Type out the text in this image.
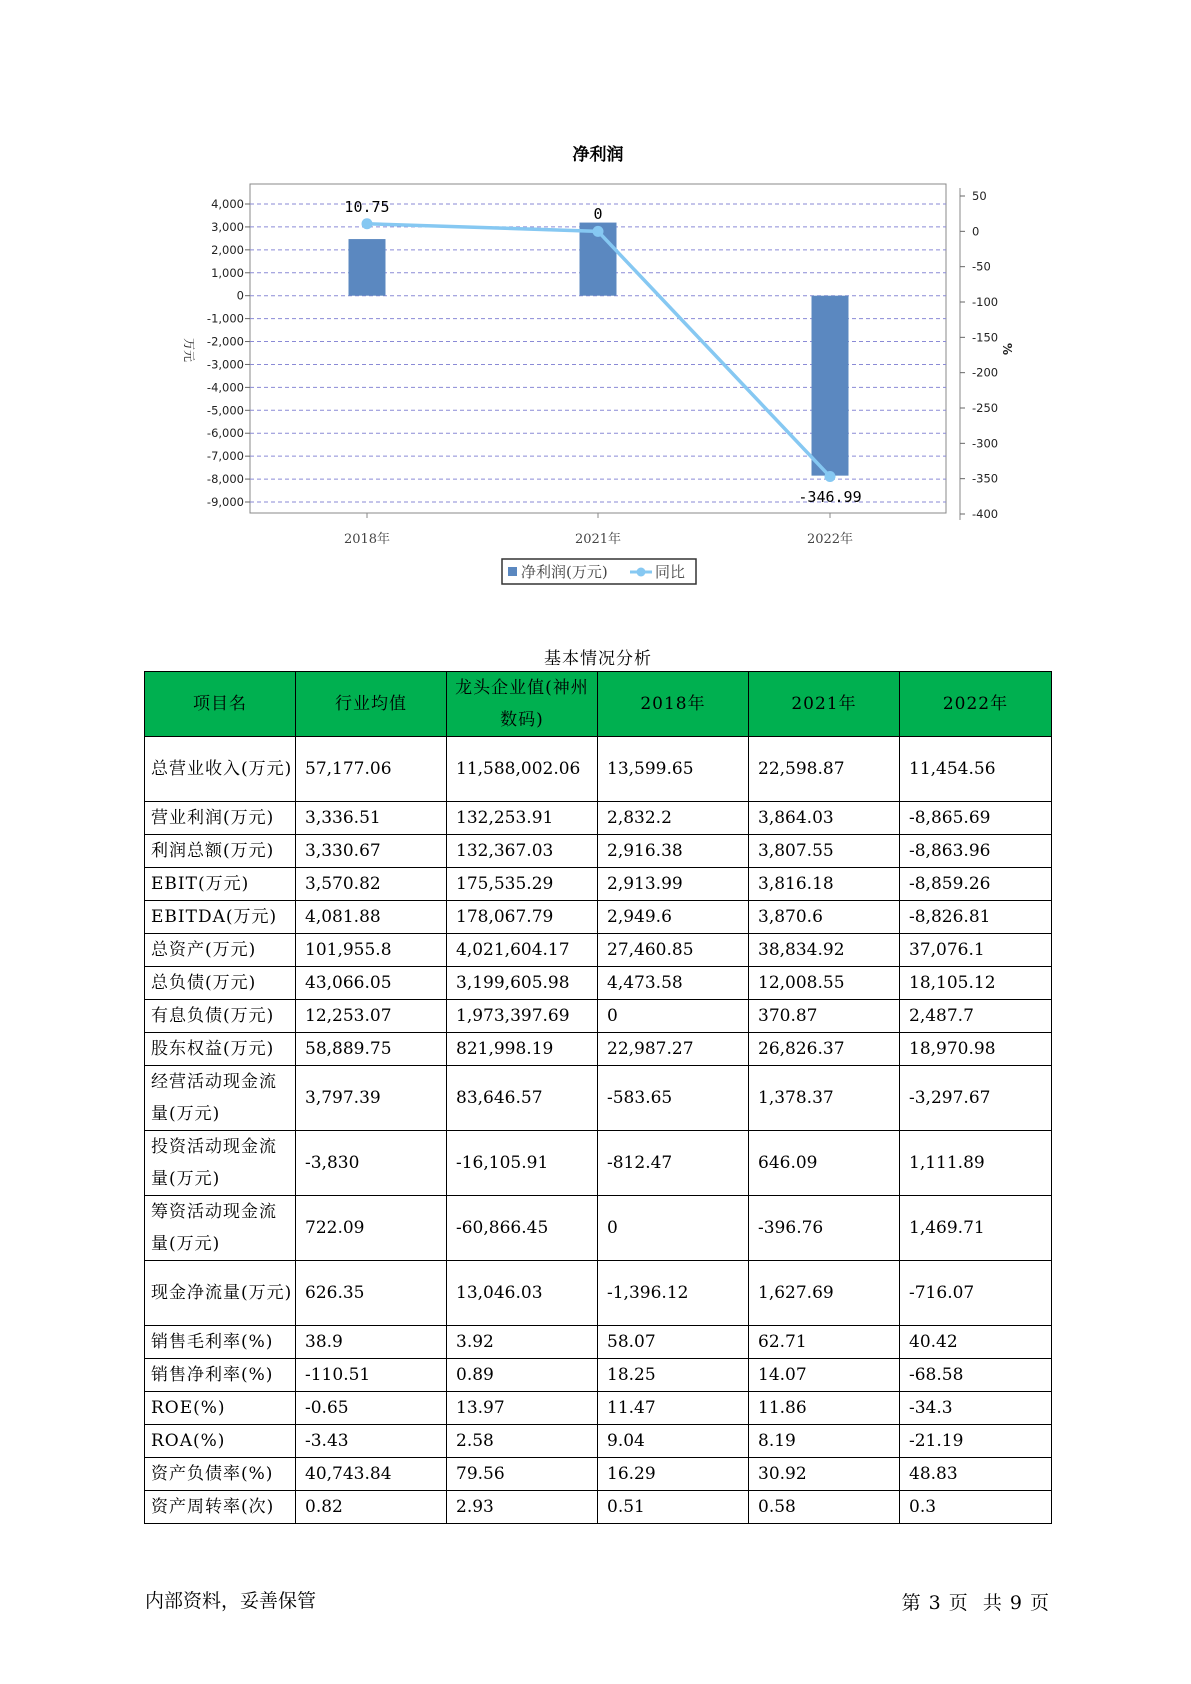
净利润
10.75	0
-346.99
4,000
3,000
2,000
1,000
0
-1,000
-2,000
-3,000
-4,000
-5,000
-6,000
-7,000
-8,000
-9,000
50
0
-50
-100
-150
-200
-250
-300
-350
-400
2018年	2021年	2022年
万元	%
净利润(万元)	同比
基本情况分析
项目名	行业均值	龙头企业值(神州数码)	2018年	2021年	2022年
总营业收入(万元)	57,177.06	11,588,002.06	13,599.65	22,598.87	11,454.56
营业利润(万元)	3,336.51	132,253.91	2,832.2	3,864.03	-8,865.69
利润总额(万元)	3,330.67	132,367.03	2,916.38	3,807.55	-8,863.96
EBIT(万元)	3,570.82	175,535.29	2,913.99	3,816.18	-8,859.26
EBITDA(万元)	4,081.88	178,067.79	2,949.6	3,870.6	-8,826.81
总资产(万元)	101,955.8	4,021,604.17	27,460.85	38,834.92	37,076.1
总负债(万元)	43,066.05	3,199,605.98	4,473.58	12,008.55	18,105.12
有息负债(万元)	12,253.07	1,973,397.69	0	370.87	2,487.7
股东权益(万元)	58,889.75	821,998.19	22,987.27	26,826.37	18,970.98
经营活动现金流量(万元)	3,797.39	83,646.57	-583.65	1,378.37	-3,297.67
投资活动现金流量(万元)	-3,830	-16,105.91	-812.47	646.09	1,111.89
筹资活动现金流量(万元)	722.09	-60,866.45	0	-396.76	1,469.71
现金净流量(万元)	626.35	13,046.03	-1,396.12	1,627.69	-716.07
销售毛利率(%)	38.9	3.92	58.07	62.71	40.42
销售净利率(%)	-110.51	0.89	18.25	14.07	-68.58
ROE(%)	-0.65	13.97	11.47	11.86	-34.3
ROA(%)	-3.43	2.58	9.04	8.19	-21.19
资产负债率(%)	40,743.84	79.56	16.29	30.92	48.83
资产周转率(次)	0.82	2.93	0.51	0.58	0.3
内部资料，妥善保管	第 3 页  共 9 页
